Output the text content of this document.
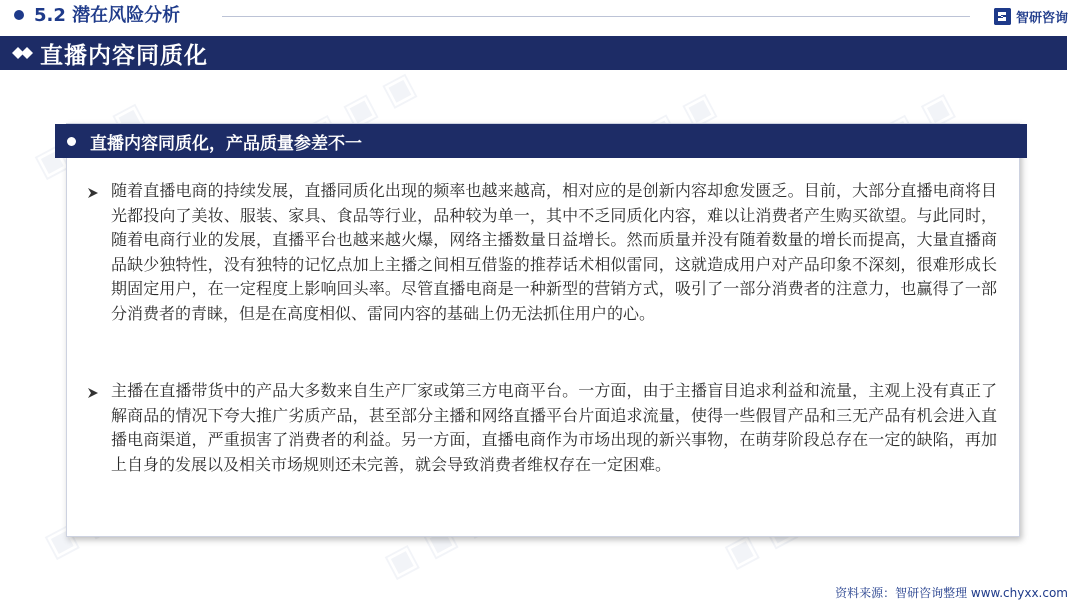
▣ ▣	▣ ▣ ▣	▣ ▣
▣	▣ ▣ ▣
5.2 潜在风险分析	智研咨询
直播内容同质化
直播内容同质化，产品质量参差不一
随着直播电商的持续发展，直播同质化出现的频率也越来越高，相对应的是创新内容却愈发匮乏。目前，大部分直播电商将目光都投向了美妆、服装、家具、食品等行业，品种较为单一，其中不乏同质化内容，难以让消费者产生购买欲望。与此同时，随着电商行业的发展，直播平台也越来越火爆，网络主播数量日益增长。然而质量并没有随着数量的增长而提高，大量直播商品缺少独特性，没有独特的记忆点加上主播之间相互借鉴的推荐话术相似雷同，这就造成用户对产品印象不深刻，很难形成长期固定用户，在一定程度上影响回头率。尽管直播电商是一种新型的营销方式，吸引了一部分消费者的注意力，也赢得了一部分消费者的青睐，但是在高度相似、雷同内容的基础上仍无法抓住用户的心。
主播在直播带货中的产品大多数来自生产厂家或第三方电商平台。一方面，由于主播盲目追求利益和流量，主观上没有真正了解商品的情况下夸大推广劣质产品，甚至部分主播和网络直播平台片面追求流量，使得一些假冒产品和三无产品有机会进入直播电商渠道，严重损害了消费者的利益。另一方面，直播电商作为市场出现的新兴事物，在萌芽阶段总存在一定的缺陷，再加上自身的发展以及相关市场规则还未完善，就会导致消费者维权存在一定困难。
资料来源：智研咨询整理 www.chyxx.com
